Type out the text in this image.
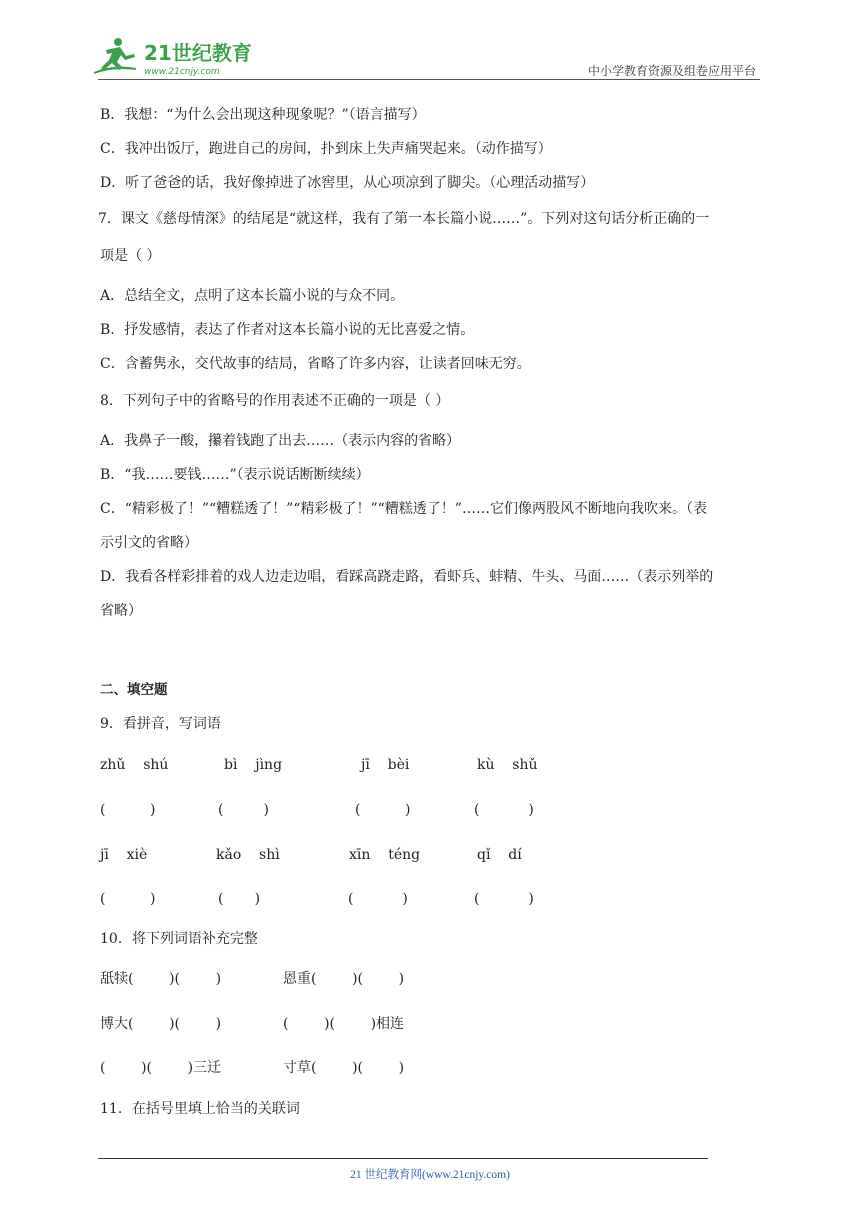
21世纪教育
www.21cnjy.com	中小学教育资源及组卷应用平台
B．我想：“为什么会出现这种现象呢？”（语言描写）
C．我冲出饭厅，跑进自己的房间，扑到床上失声痛哭起来。（动作描写）
D．听了爸爸的话，我好像掉进了冰窖里，从心项凉到了脚尖。（心理活动描写）
7．课文《慈母情深》的结尾是“就这样，我有了第一本长篇小说……”。下列对这句话分析正确的一
项是（ ）
A．总结全文，点明了这本长篇小说的与众不同。
B．抒发感情，表达了作者对这本长篇小说的无比喜爱之情。
C．含蓄隽永，交代故事的结局，省略了许多内容，让读者回味无穷。
8．下列句子中的省略号的作用表述不正确的一项是（ ）
A．我鼻子一酸，攥着钱跑了出去……（表示内容的省略）
B．“我……要钱……”（表示说话断断续续）
C．“精彩极了！”“糟糕透了！”“精彩极了！”“糟糕透了！”……它们像两股风不断地向我吹来。（表
示引文的省略）
D．我看各样彩排着的戏人边走边唱，看踩高跷走路，看虾兵、蚌精、牛头、马面……（表示列举的
省略）
二、填空题
9．看拼音，写词语
zhǔ    shú	bì    jìng	jī    bèi	kù    shǔ
(          )	(         )	(          )	(           )
jī    xiè	kǎo    shì	xīn    téng	qǐ    dí
(          )	(       )	(           )	(           )
10．将下列词语补充完整
舐犊(        )(        )	恩重(        )(        )
博大(        )(        )	(        )(        )相连
(        )(        )三迁	寸草(        )(        )
11．在括号里填上恰当的关联词
21 世纪教育网(www.21cnjy.com)
